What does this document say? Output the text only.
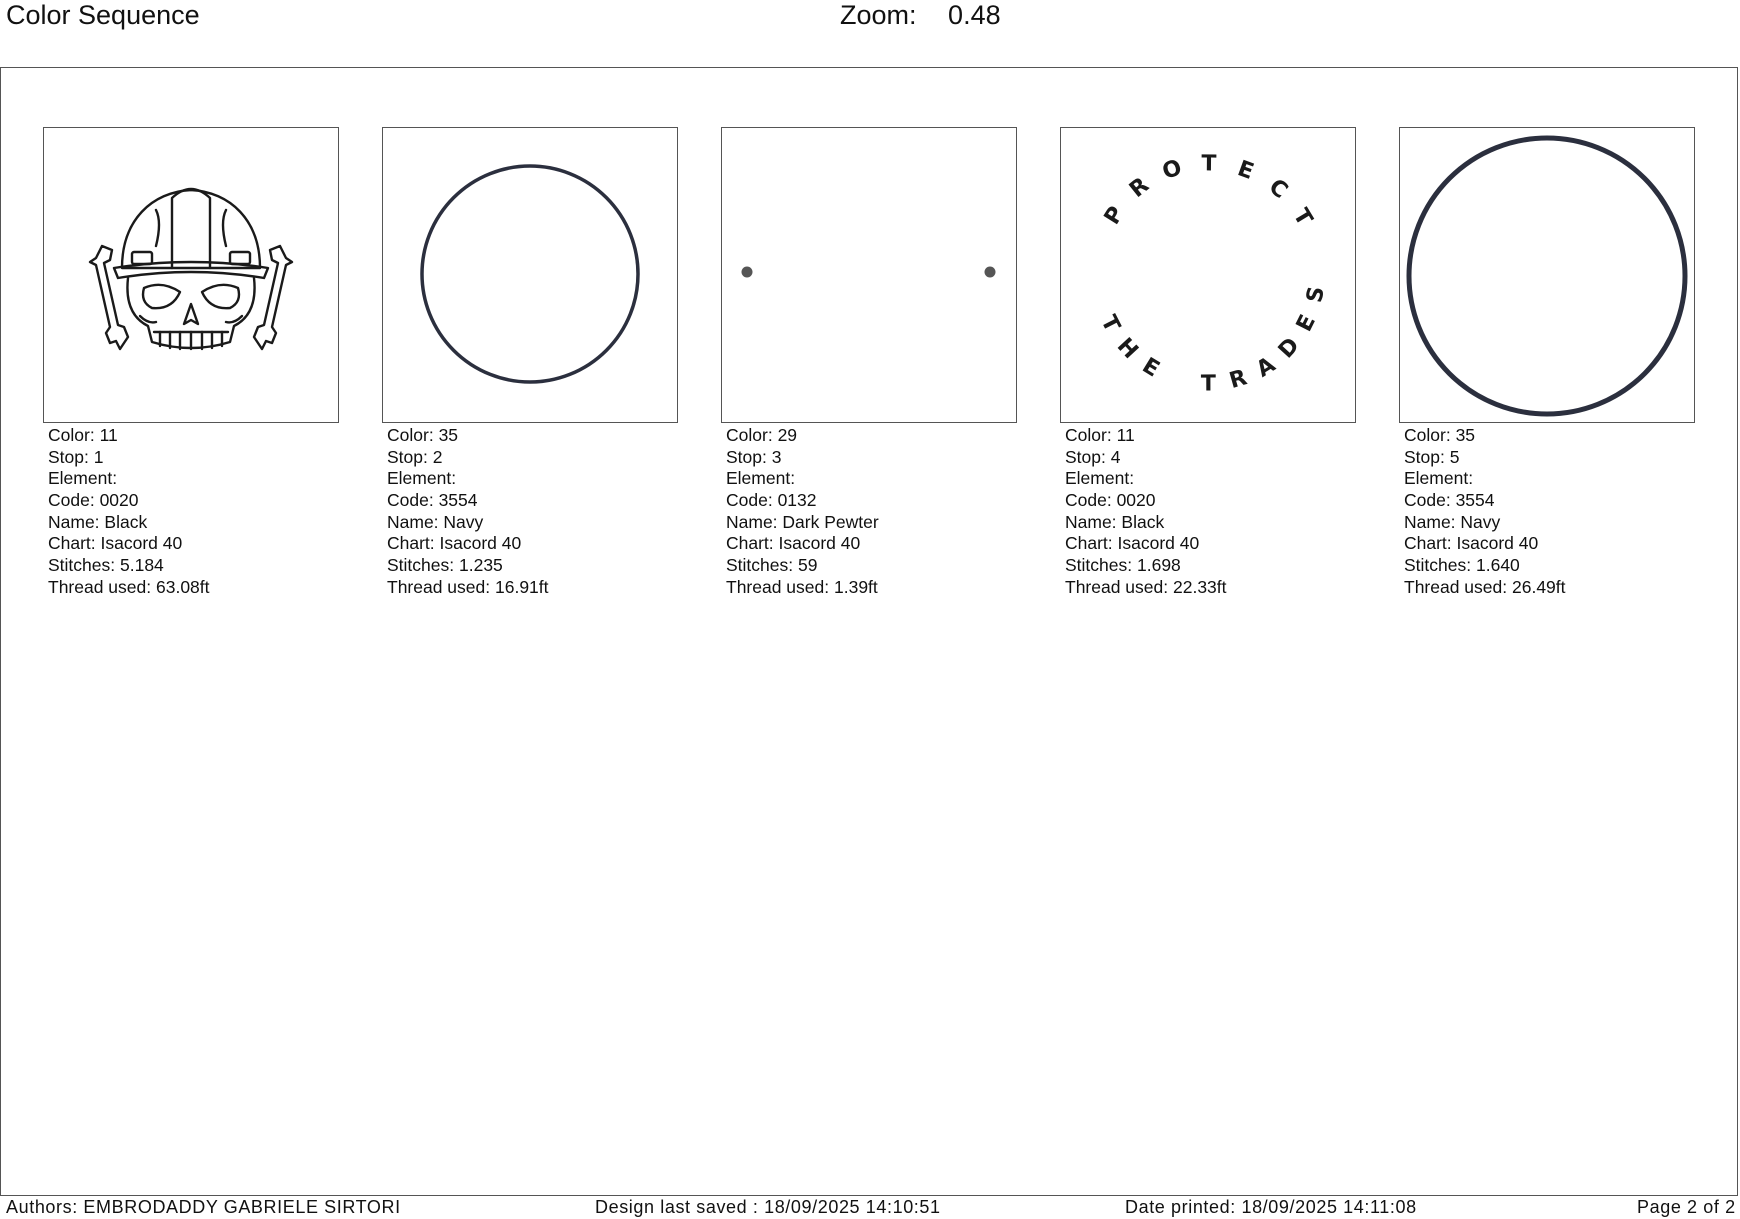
Color Sequence	Zoom: 0.48
Color: 11
Stop: 1
Element:
Code: 0020
Name: Black
Chart: Isacord 40
Stitches: 5.184
Thread used: 63.08ft
Color: 35
Stop: 2
Element:
Code: 3554
Name: Navy
Chart: Isacord 40
Stitches: 1.235
Thread used: 16.91ft
Color: 29
Stop: 3
Element:
Code: 0132
Name: Dark Pewter
Chart: Isacord 40
Stitches: 59
Thread used: 1.39ft
P
R
O T E
C
T
T
H
E
T R A
D
E
S
Color: 11
Stop: 4
Element:
Code: 0020
Name: Black
Chart: Isacord 40
Stitches: 1.698
Thread used: 22.33ft
Color: 35
Stop: 5
Element:
Code: 3554
Name: Navy
Chart: Isacord 40
Stitches: 1.640
Thread used: 26.49ft
Authors: EMBRODADDY GABRIELE SIRTORI	Design last saved : 18/09/2025 14:10:51	Date printed: 18/09/2025 14:11:08	Page 2 of 2
